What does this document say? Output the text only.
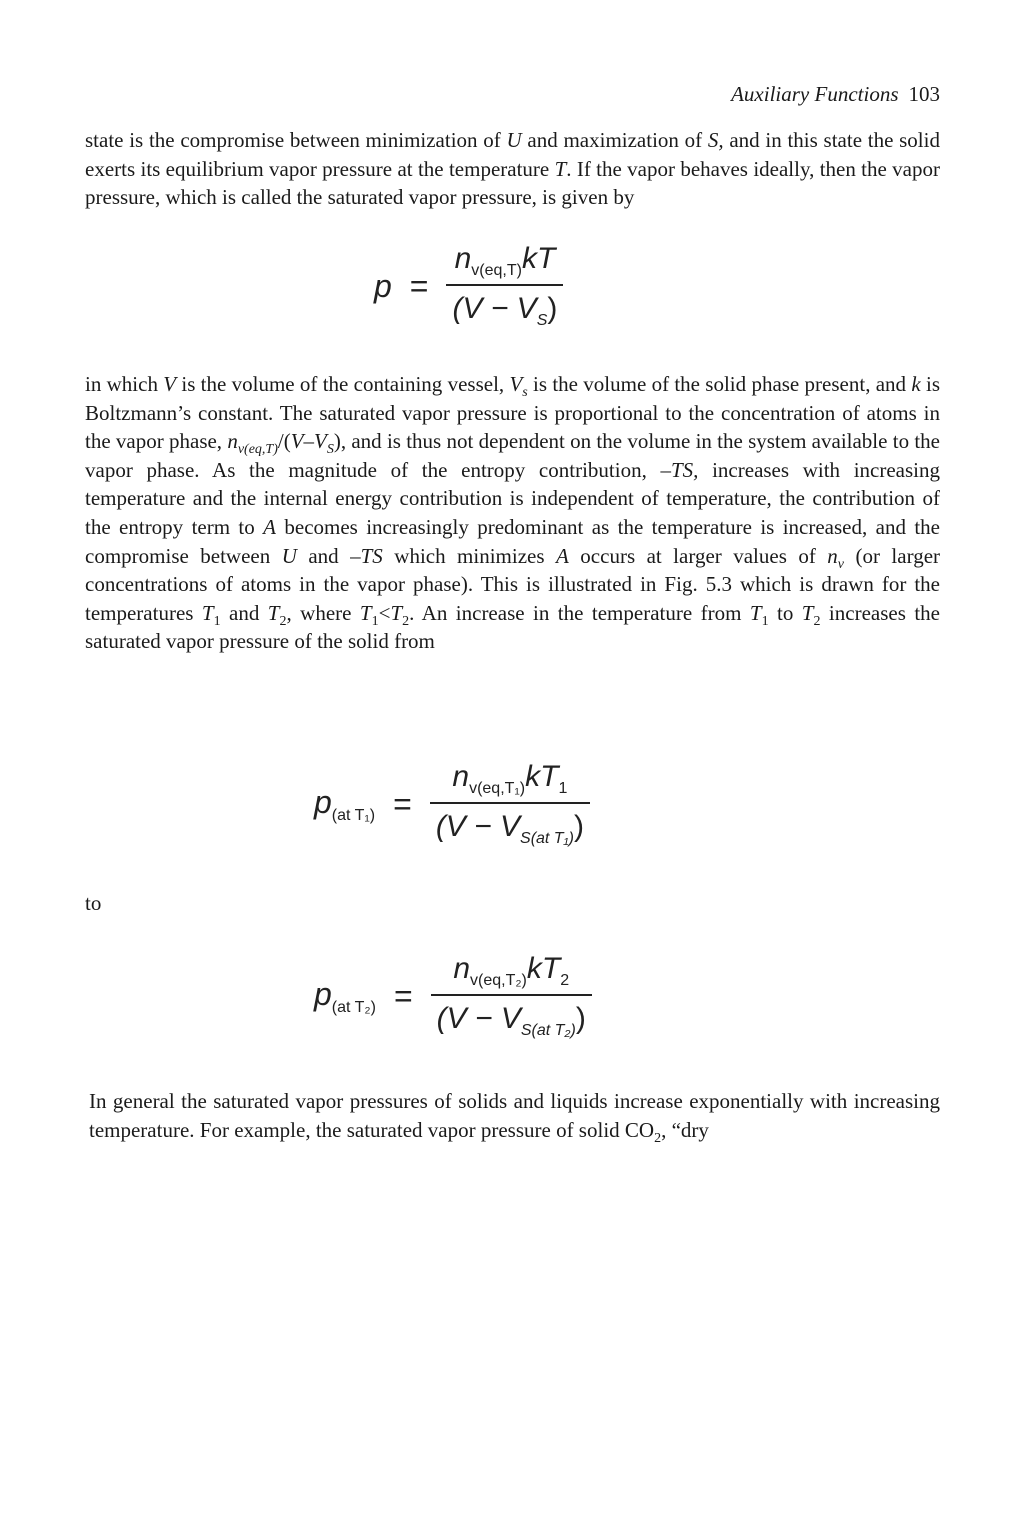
Auxiliary Functions 103

state is the compromise between minimization of U and maximization of S, and in this state the solid exerts its equilibrium vapor pressure at the temperature T. If the vapor behaves ideally, then the vapor pressure, which is called the saturated vapor pressure, is given by

$p = \frac{n_{v(eq,T)}kT}{(V - V_S)}$

in which V is the volume of the containing vessel, $V_s$ is the volume of the solid phase present, and k is Boltzmann’s constant. The saturated vapor pressure is proportional to the concentration of atoms in the vapor phase, $n_{v(eq,T)}/(V-V_S)$, and is thus not dependent on the volume in the system available to the vapor phase. As the magnitude of the entropy contribution, –TS, increases with increasing temperature and the internal energy contribution is independent of temperature, the contribution of the entropy term to A becomes increasingly predominant as the temperature is increased, and the compromise between U and –TS which minimizes A occurs at larger values of $n_v$ (or larger concentrations of atoms in the vapor phase). This is illustrated in Fig. 5.3 which is drawn for the temperatures $T_1$ and $T_2$, where $T_1<T_2$. An increase in the temperature from $T_1$ to $T_2$ increases the saturated vapor pressure of the solid from

$p_{(at T_1)} = \frac{n_{v(eq,T_1)}kT_1}{(V - V_{S(at T_1)})}$

to

$p_{(at T_2)} = \frac{n_{v(eq,T_2)}kT_2}{(V - V_{S(at T_2)})}$

In general the saturated vapor pressures of solids and liquids increase exponentially with increasing temperature. For example, the saturated vapor pressure of solid $CO_2$, “dry
